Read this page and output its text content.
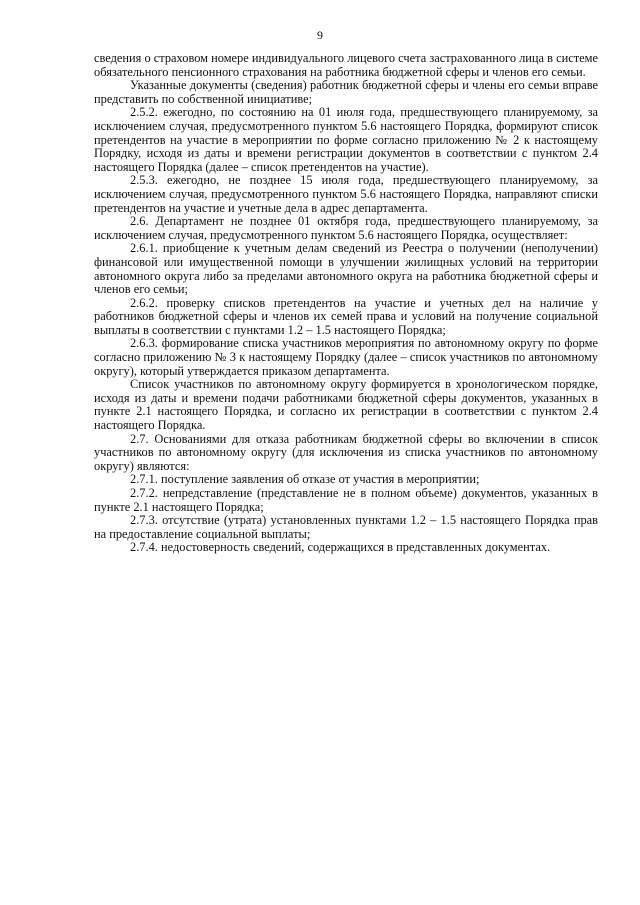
9

сведения о страховом номере индивидуального лицевого счета застрахованного лица в системе обязательного пенсионного страхования на работника бюджетной сферы и членов его семьи.

Указанные документы (сведения) работник бюджетной сферы и члены его семьи вправе представить по собственной инициативе;

2.5.2. ежегодно, по состоянию на 01 июля года, предшествующего планируемому, за исключением случая, предусмотренного пунктом 5.6 настоящего Порядка, формируют список претендентов на участие в мероприятии по форме согласно приложению № 2 к настоящему Порядку, исходя из даты и времени регистрации документов в соответствии с пунктом 2.4 настоящего Порядка (далее – список претендентов на участие).

2.5.3. ежегодно, не позднее 15 июля года, предшествующего планируемому, за исключением случая, предусмотренного пунктом 5.6 настоящего Порядка, направляют списки претендентов на участие и учетные дела в адрес департамента.

2.6. Департамент не позднее 01 октября года, предшествующего планируемому, за исключением случая, предусмотренного пунктом 5.6 настоящего Порядка, осуществляет:

2.6.1. приобщение к учетным делам сведений из Реестра о получении (неполучении) финансовой или имущественной помощи в улучшении жилищных условий на территории автономного округа либо за пределами автономного округа на работника бюджетной сферы и членов его семьи;

2.6.2. проверку списков претендентов на участие и учетных дел на наличие у работников бюджетной сферы и членов их семей права и условий на получение социальной выплаты в соответствии с пунктами 1.2 – 1.5 настоящего Порядка;

2.6.3. формирование списка участников мероприятия по автономному округу по форме согласно приложению № 3 к настоящему Порядку (далее – список участников по автономному округу), который утверждается приказом департамента.

Список участников по автономному округу формируется в хронологическом порядке, исходя из даты и времени подачи работниками бюджетной сферы документов, указанных в пункте 2.1 настоящего Порядка, и согласно их регистрации в соответствии с пунктом 2.4 настоящего Порядка.

2.7. Основаниями для отказа работникам бюджетной сферы во включении в список участников по автономному округу (для исключения из списка участников по автономному округу) являются:

2.7.1. поступление заявления об отказе от участия в мероприятии;

2.7.2. непредставление (представление не в полном объеме) документов, указанных в пункте 2.1 настоящего Порядка;

2.7.3. отсутствие (утрата) установленных пунктами 1.2 – 1.5 настоящего Порядка прав на предоставление социальной выплаты;

2.7.4. недостоверность сведений, содержащихся в представленных документах.
